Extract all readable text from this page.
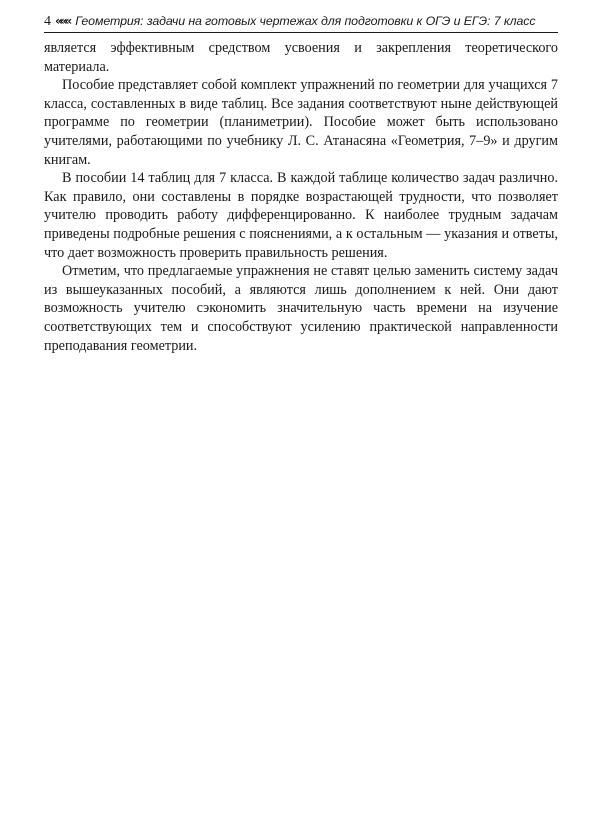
4 ««« Геометрия: задачи на готовых чертежах для подготовки к ОГЭ и ЕГЭ: 7 класс

является эффективным средством усвоения и закрепления теоретического материала.

Пособие представляет собой комплект упражнений по геометрии для учащихся 7 класса, составленных в виде таблиц. Все задания соответствуют ныне действующей программе по геометрии (планиметрии). Пособие может быть использовано учителями, работающими по учебнику Л. С. Атанасяна «Геометрия, 7–9» и другим книгам.

В пособии 14 таблиц для 7 класса. В каждой таблице количество задач различно. Как правило, они составлены в порядке возрастающей трудности, что позволяет учителю проводить работу дифференцированно. К наиболее трудным задачам приведены подробные решения с пояснениями, а к остальным — указания и ответы, что дает возможность проверить правильность решения.

Отметим, что предлагаемые упражнения не ставят целью заменить систему задач из вышеуказанных пособий, а являются лишь дополнением к ней. Они дают возможность учителю сэкономить значительную часть времени на изучение соответствующих тем и способствуют усилению практической направленности преподавания геометрии.
